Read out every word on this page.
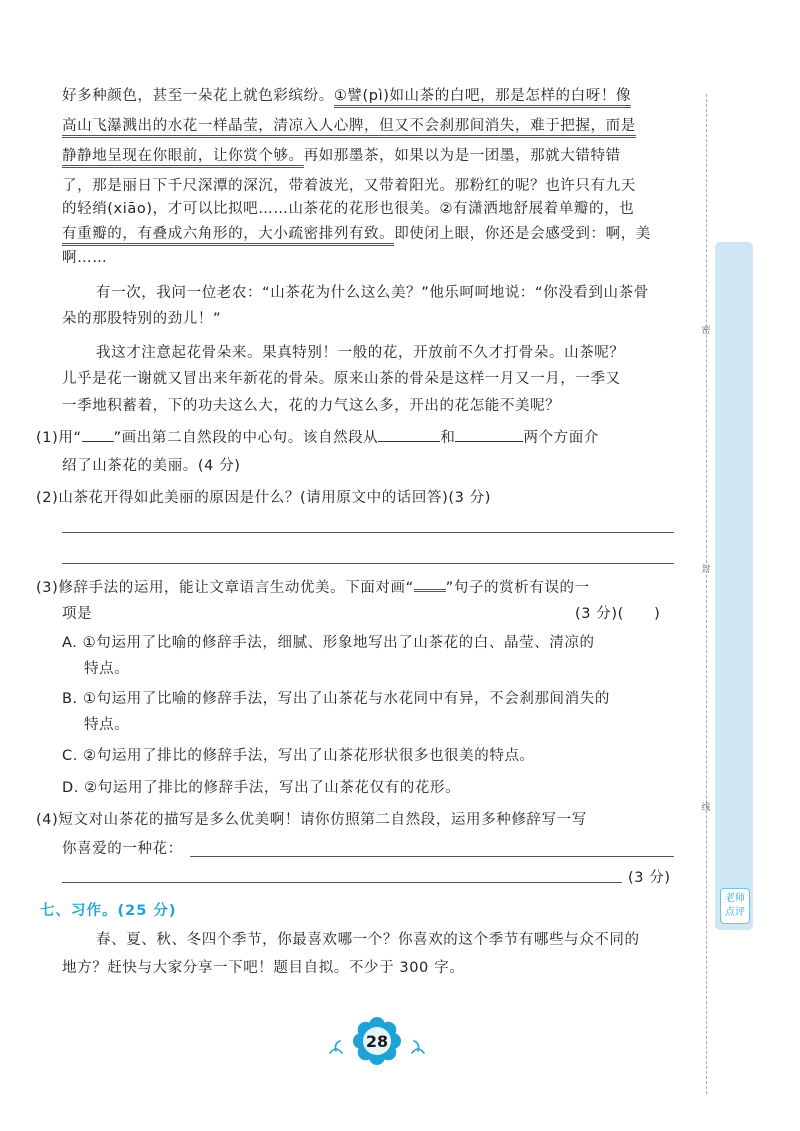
密
封
线
老师点评
好多种颜色，甚至一朵花上就色彩缤纷。①譬(pì)如山茶的白吧，那是怎样的白呀！像
高山飞瀑溅出的水花一样晶莹，清凉入人心脾，但又不会刹那间消失，难于把握，而是
静静地呈现在你眼前，让你赏个够。再如那墨茶，如果以为是一团墨，那就大错特错
了，那是丽日下千尺深潭的深沉，带着波光，又带着阳光。那粉红的呢？也许只有九天
的轻绡(xiāo)，才可以比拟吧……山茶花的花形也很美。②有潇洒地舒展着单瓣的，也
有重瓣的，有叠成六角形的，大小疏密排列有致。即使闭上眼，你还是会感受到：啊，美
啊……
有一次，我问一位老农：“山茶花为什么这么美？”他乐呵呵地说：“你没看到山茶骨
朵的那股特别的劲儿！”
我这才注意起花骨朵来。果真特别！一般的花，开放前不久才打骨朵。山茶呢？
儿乎是花一谢就又冒出来年新花的骨朵。原来山茶的骨朵是这样一月又一月，一季又
一季地积蓄着，下的功夫这么大，花的力气这么多，开出的花怎能不美呢？
(1)用“ ”画出第二自然段的中心句。该自然段从	和	两个方面介
绍了山茶花的美丽。(4 分)
(2)山茶花开得如此美丽的原因是什么？(请用原文中的话回答)(3 分)
(3)修辞手法的运用，能让文章语言生动优美。下面对画“ ”句子的赏析有误的一
项是	(3 分)(　　)
A. ①句运用了比喻的修辞手法，细腻、形象地写出了山茶花的白、晶莹、清凉的
特点。
B. ①句运用了比喻的修辞手法，写出了山茶花与水花同中有异，不会刹那间消失的
特点。
C. ②句运用了排比的修辞手法，写出了山茶花形状很多也很美的特点。
D. ②句运用了排比的修辞手法，写出了山茶花仅有的花形。
(4)短文对山茶花的描写是多么优美啊！请你仿照第二自然段，运用多种修辞写一写
你喜爱的一种花：
(3 分)
七、习作。(25 分)
春、夏、秋、冬四个季节，你最喜欢哪一个？你喜欢的这个季节有哪些与众不同的
地方？赶快与大家分享一下吧！题目自拟。不少于 300 字。
28
